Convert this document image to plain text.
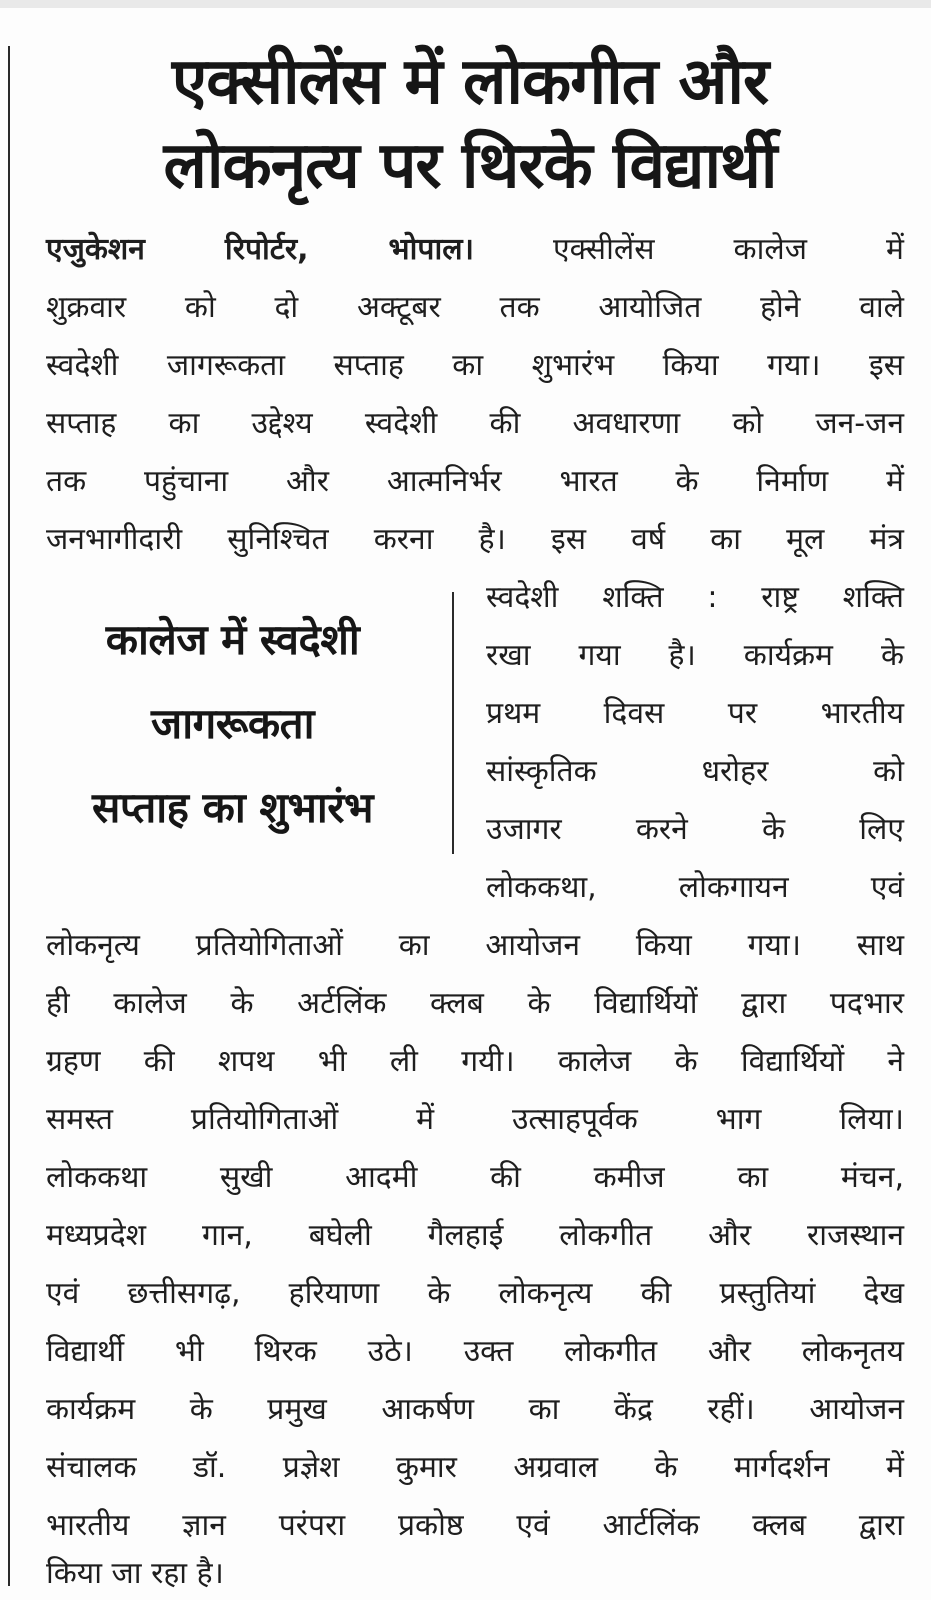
एक्सीलेंस में लोकगीत और
लोकनृत्य पर थिरके विद्यार्थी
एजुकेशन रिपोर्टर, भोपाल।	एक्सीलेंस कालेज में
शुक्रवार को दो अक्टूबर तक आयोजित होने वाले
स्वदेशी जागरूकता सप्ताह का शुभारंभ किया गया। इस
सप्ताह का उद्देश्य स्वदेशी की अवधारणा को जन-जन
तक पहुंचाना और आत्मनिर्भर भारत के निर्माण में
जनभागीदारी सुनिश्चित करना है। इस वर्ष का मूल मंत्र
कालेज में स्वदेशी
जागरूकता
सप्ताह का शुभारंभ
स्वदेशी शक्ति : राष्ट्र शक्ति
रखा गया है। कार्यक्रम के
प्रथम दिवस पर भारतीय
सांस्कृतिक धरोहर को
उजागर करने के लिए
लोककथा, लोकगायन एवं
लोकनृत्य प्रतियोगिताओं का आयोजन किया गया। साथ
ही कालेज के अर्टलिंक क्लब के विद्यार्थियों द्वारा पदभार
ग्रहण की शपथ भी ली गयी। कालेज के विद्यार्थियों ने
समस्त प्रतियोगिताओं में उत्साहपूर्वक भाग लिया।
लोककथा सुखी आदमी की कमीज का मंचन,
मध्यप्रदेश गान, बघेली गैलहाई लोकगीत और राजस्थान
एवं छत्तीसगढ़, हरियाणा के लोकनृत्य की प्रस्तुतियां देख
विद्यार्थी भी थिरक उठे। उक्त लोकगीत और लोकनृतय
कार्यक्रम के प्रमुख आकर्षण का केंद्र रहीं। आयोजन
संचालक डॉ. प्रज्ञेश कुमार अग्रवाल के मार्गदर्शन में
भारतीय ज्ञान परंपरा प्रकोष्ठ एवं आर्टलिंक क्लब द्वारा
किया जा रहा है।
